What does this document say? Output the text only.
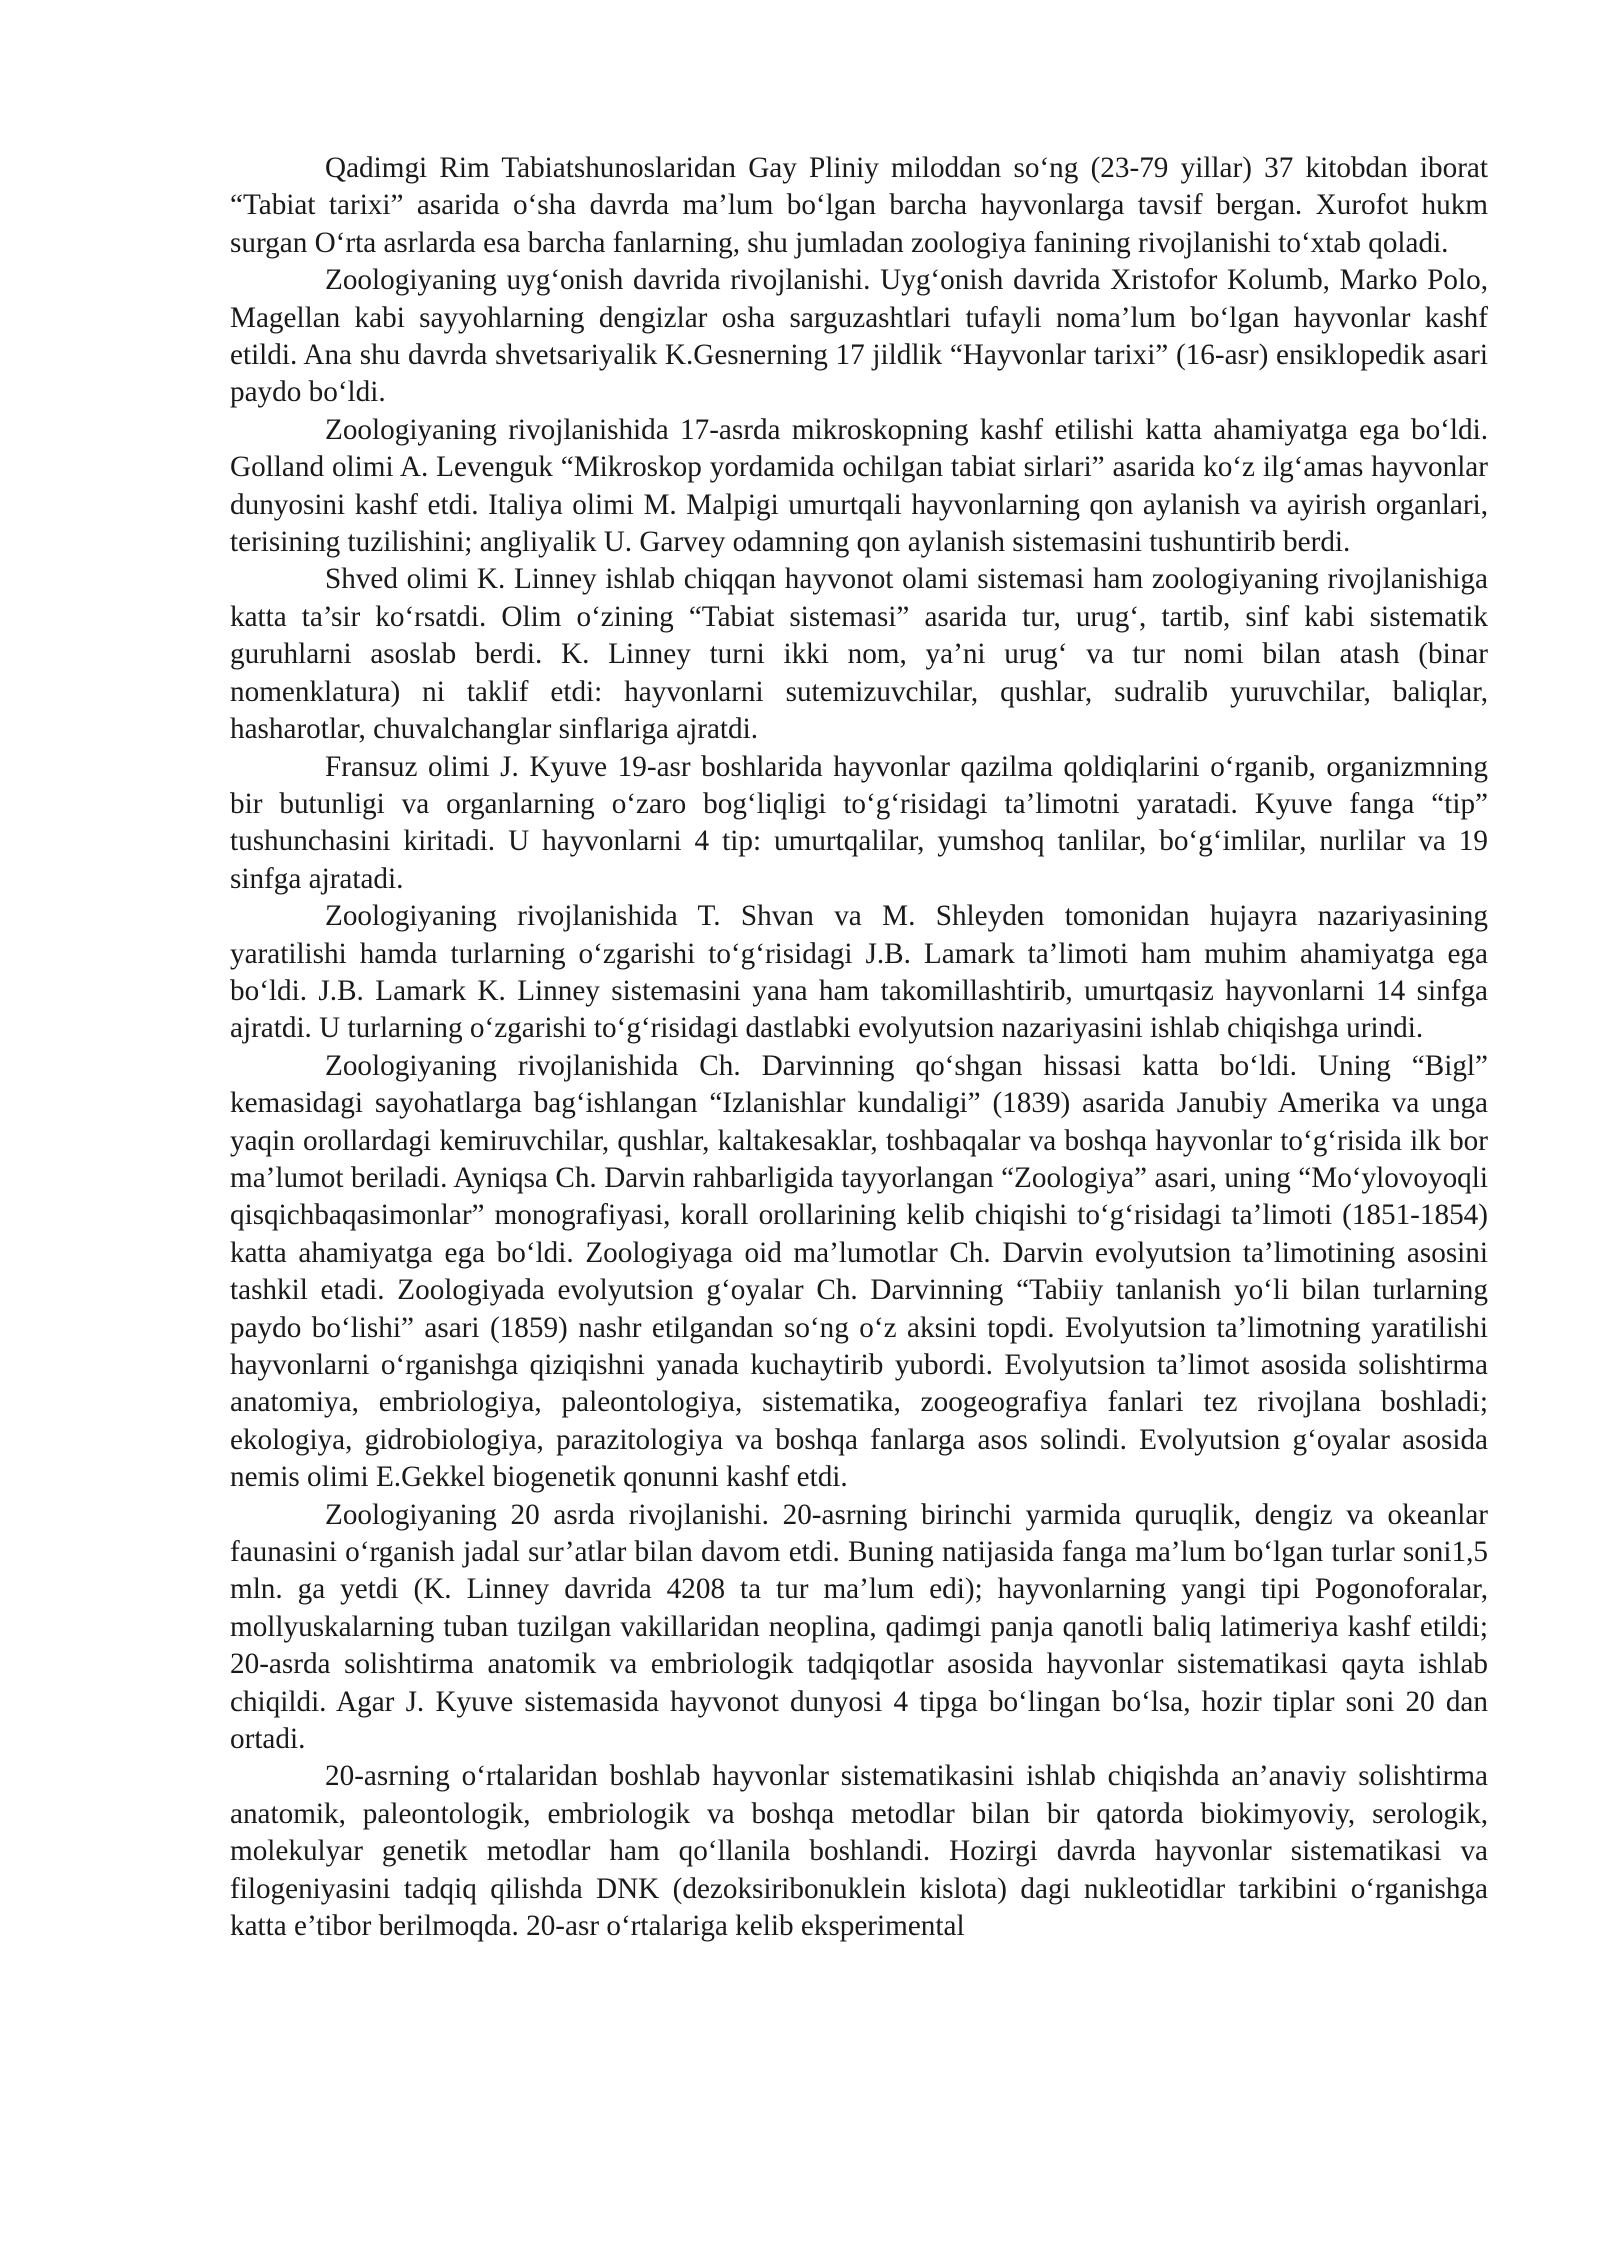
Qadimgi Rim Tabiatshunoslaridan Gay Pliniy miloddan so‘ng (23-79 yillar) 37 kitobdan iborat “Tabiat tarixi” asarida o‘sha davrda ma’lum bo‘lgan barcha hayvonlarga tavsif bergan. Xurofot hukm surgan O‘rta asrlarda esa barcha fanlarning, shu jumladan zoologiya fanining rivojlanishi to‘xtab qoladi.

Zoologiyaning uyg‘onish davrida rivojlanishi. Uyg‘onish davrida Xristofor Kolumb, Marko Polo, Magellan kabi sayyohlarning dengizlar osha sarguzashtlari tufayli noma’lum bo‘lgan hayvonlar kashf etildi. Ana shu davrda shvetsariyalik K.Gesnerning 17 jildlik “Hayvonlar tarixi” (16-asr) ensiklopedik asari paydo bo‘ldi.

Zoologiyaning rivojlanishida 17-asrda mikroskopning kashf etilishi katta ahamiyatga ega bo‘ldi. Golland olimi A. Levenguk “Mikroskop yordamida ochilgan tabiat sirlari” asarida ko‘z ilg‘amas hayvonlar dunyosini kashf etdi. Italiya olimi M. Malpigi umurtqali hayvonlarning qon aylanish va ayirish organlari, terisining tuzilishini; angliyalik U. Garvey odamning qon aylanish sistemasini tushuntirib berdi.

Shved olimi K. Linney ishlab chiqqan hayvonot olami sistemasi ham zoologiyaning rivojlanishiga katta ta’sir ko‘rsatdi. Olim o‘zining “Tabiat sistemasi” asarida tur, urug‘, tartib, sinf kabi sistematik guruhlarni asoslab berdi. K. Linney turni ikki nom, ya’ni urug‘ va tur nomi bilan atash (binar nomenklatura) ni taklif etdi: hayvonlarni sutemizuvchilar, qushlar, sudralib yuruvchilar, baliqlar, hasharotlar, chuvalchanglar sinflariga ajratdi.

Fransuz olimi J. Kyuve 19-asr boshlarida hayvonlar qazilma qoldiqlarini o‘rganib, organizmning bir butunligi va organlarning o‘zaro bog‘liqligi to‘g‘risidagi ta’limotni yaratadi. Kyuve fanga “tip” tushunchasini kiritadi. U hayvonlarni 4 tip: umurtqalilar, yumshoq tanlilar, bo‘g‘imlilar, nurlilar va 19 sinfga ajratadi.

Zoologiyaning rivojlanishida T. Shvan va M. Shleyden tomonidan hujayra nazariyasining yaratilishi hamda turlarning o‘zgarishi to‘g‘risidagi J.B. Lamark ta’limoti ham muhim ahamiyatga ega bo‘ldi. J.B. Lamark K. Linney sistemasini yana ham takomillashtirib, umurtqasiz hayvonlarni 14 sinfga ajratdi. U turlarning o‘zgarishi to‘g‘risidagi dastlabki evolyutsion nazariyasini ishlab chiqishga urindi.

Zoologiyaning rivojlanishida Ch. Darvinning qo‘shgan hissasi katta bo‘ldi. Uning “Bigl” kemasidagi sayohatlarga bag‘ishlangan “Izlanishlar kundaligi” (1839) asarida Janubiy Amerika va unga yaqin orollardagi kemiruvchilar, qushlar, kaltakesaklar, toshbaqalar va boshqa hayvonlar to‘g‘risida ilk bor ma’lumot beriladi. Ayniqsa Ch. Darvin rahbarligida tayyorlangan “Zoologiya” asari, uning “Mo‘ylovoyoqli qisqichbaqasimonlar” monografiyasi, korall orollarining kelib chiqishi to‘g‘risidagi ta’limoti (1851-1854) katta ahamiyatga ega bo‘ldi. Zoologiyaga oid ma’lumotlar Ch. Darvin evolyutsion ta’limotining asosini tashkil etadi. Zoologiyada evolyutsion g‘oyalar Ch. Darvinning “Tabiiy tanlanish yo‘li bilan turlarning paydo bo‘lishi” asari (1859) nashr etilgandan so‘ng o‘z aksini topdi. Evolyutsion ta’limotning yaratilishi hayvonlarni o‘rganishga qiziqishni yanada kuchaytirib yubordi. Evolyutsion ta’limot asosida solishtirma anatomiya, embriologiya, paleontologiya, sistematika, zoogeografiya fanlari tez rivojlana boshladi; ekologiya, gidrobiologiya, parazitologiya va boshqa fanlarga asos solindi. Evolyutsion g‘oyalar asosida nemis olimi E.Gekkel biogenetik qonunni kashf etdi.

Zoologiyaning 20 asrda rivojlanishi. 20-asrning birinchi yarmida quruqlik, dengiz va okeanlar faunasini o‘rganish jadal sur’atlar bilan davom etdi. Buning natijasida fanga ma’lum bo‘lgan turlar soni1,5 mln. ga yetdi (K. Linney davrida 4208 ta tur ma’lum edi); hayvonlarning yangi tipi Pogonoforalar, mollyuskalarning tuban tuzilgan vakillaridan neoplina, qadimgi panja qanotli baliq latimeriya kashf etildi; 20-asrda solishtirma anatomik va embriologik tadqiqotlar asosida hayvonlar sistematikasi qayta ishlab chiqildi. Agar J. Kyuve sistemasida hayvonot dunyosi 4 tipga bo‘lingan bo‘lsa, hozir tiplar soni 20 dan ortadi.

20-asrning o‘rtalaridan boshlab hayvonlar sistematikasini ishlab chiqishda an’anaviy solishtirma anatomik, paleontologik, embriologik va boshqa metodlar bilan bir qatorda biokimyoviy, serologik, molekulyar genetik metodlar ham qo‘llanila boshlandi. Hozirgi davrda hayvonlar sistematikasi va filogeniyasini tadqiq qilishda DNK (dezoksiribonuklein kislota) dagi nukleotidlar tarkibini o‘rganishga katta e’tibor berilmoqda. 20-asr o‘rtalariga kelib eksperimental
